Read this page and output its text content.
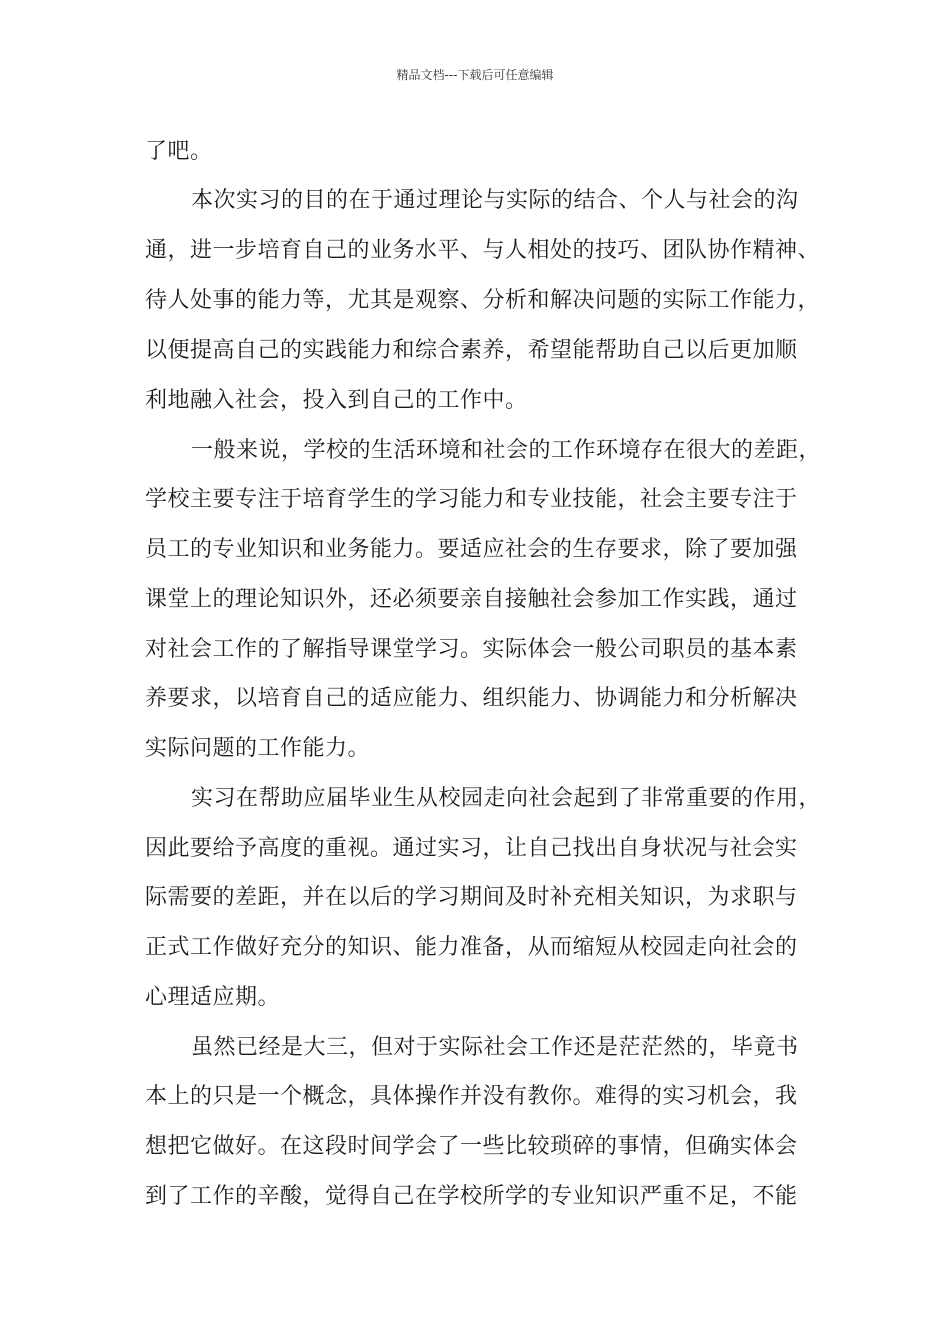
精品文档---下载后可任意编辑
了吧。
本次实习的目的在于通过理论与实际的结合、个人与社会的沟
通，进一步培育自己的业务水平、与人相处的技巧、团队协作精神、
待人处事的能力等，尤其是观察、分析和解决问题的实际工作能力，
以便提高自己的实践能力和综合素养，希望能帮助自己以后更加顺
利地融入社会，投入到自己的工作中。
一般来说，学校的生活环境和社会的工作环境存在很大的差距，
学校主要专注于培育学生的学习能力和专业技能，社会主要专注于
员工的专业知识和业务能力。要适应社会的生存要求，除了要加强
课堂上的理论知识外，还必须要亲自接触社会参加工作实践，通过
对社会工作的了解指导课堂学习。实际体会一般公司职员的基本素
养要求，以培育自己的适应能力、组织能力、协调能力和分析解决
实际问题的工作能力。
实习在帮助应届毕业生从校园走向社会起到了非常重要的作用，
因此要给予高度的重视。通过实习，让自己找出自身状况与社会实
际需要的差距，并在以后的学习期间及时补充相关知识，为求职与
正式工作做好充分的知识、能力准备，从而缩短从校园走向社会的
心理适应期。
虽然已经是大三，但对于实际社会工作还是茫茫然的，毕竟书
本上的只是一个概念，具体操作并没有教你。难得的实习机会，我
想把它做好。在这段时间学会了一些比较琐碎的事情，但确实体会
到了工作的辛酸，觉得自己在学校所学的专业知识严重不足，不能
